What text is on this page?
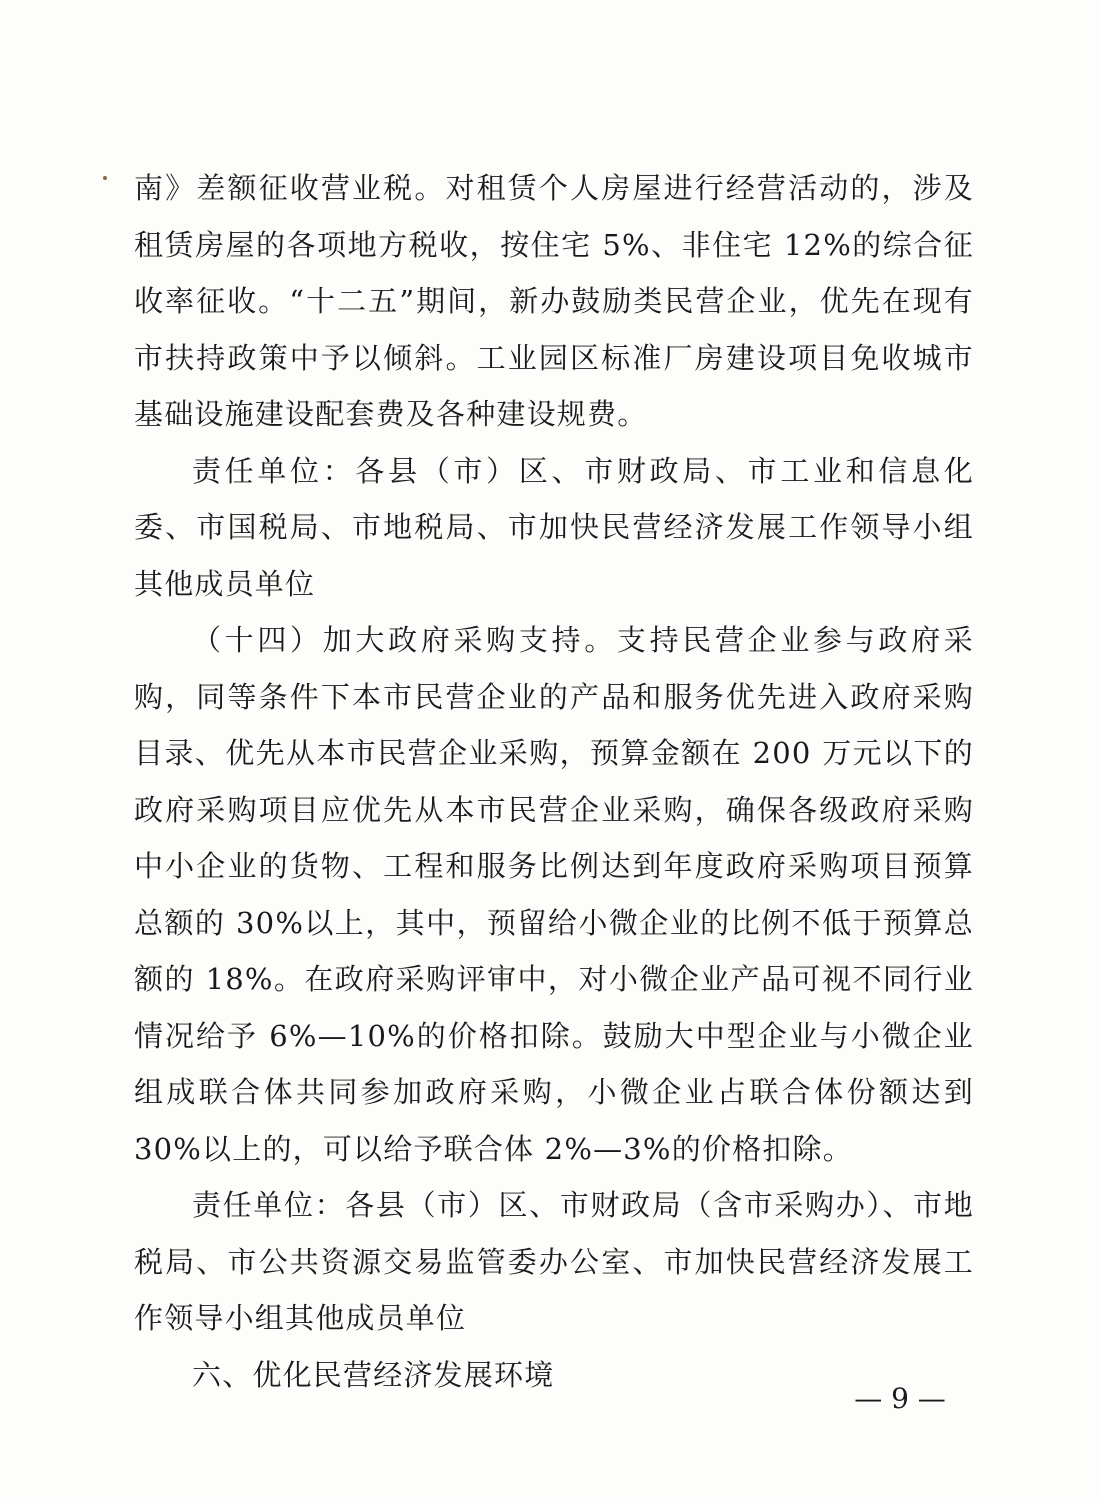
南》差额征收营业税。对租赁个人房屋进行经营活动的，涉及租赁房屋的各项地方税收，按住宅 5%、非住宅 12%的综合征收率征收。“十二五”期间，新办鼓励类民营企业，优先在现有市扶持政策中予以倾斜。工业园区标准厂房建设项目免收城市基础设施建设配套费及各种建设规费。

责任单位：各县（市）区、市财政局、市工业和信息化委、市国税局、市地税局、市加快民营经济发展工作领导小组其他成员单位

（十四）加大政府采购支持。支持民营企业参与政府采购，同等条件下本市民营企业的产品和服务优先进入政府采购目录、优先从本市民营企业采购，预算金额在 200 万元以下的政府采购项目应优先从本市民营企业采购，确保各级政府采购中小企业的货物、工程和服务比例达到年度政府采购项目预算总额的 30%以上，其中，预留给小微企业的比例不低于预算总额的 18%。在政府采购评审中，对小微企业产品可视不同行业情况给予 6%—10%的价格扣除。鼓励大中型企业与小微企业组成联合体共同参加政府采购，小微企业占联合体份额达到 30%以上的，可以给予联合体 2%—3%的价格扣除。

责任单位：各县（市）区、市财政局（含市采购办）、市地税局、市公共资源交易监管委办公室、市加快民营经济发展工作领导小组其他成员单位

六、优化民营经济发展环境

— 9 —
